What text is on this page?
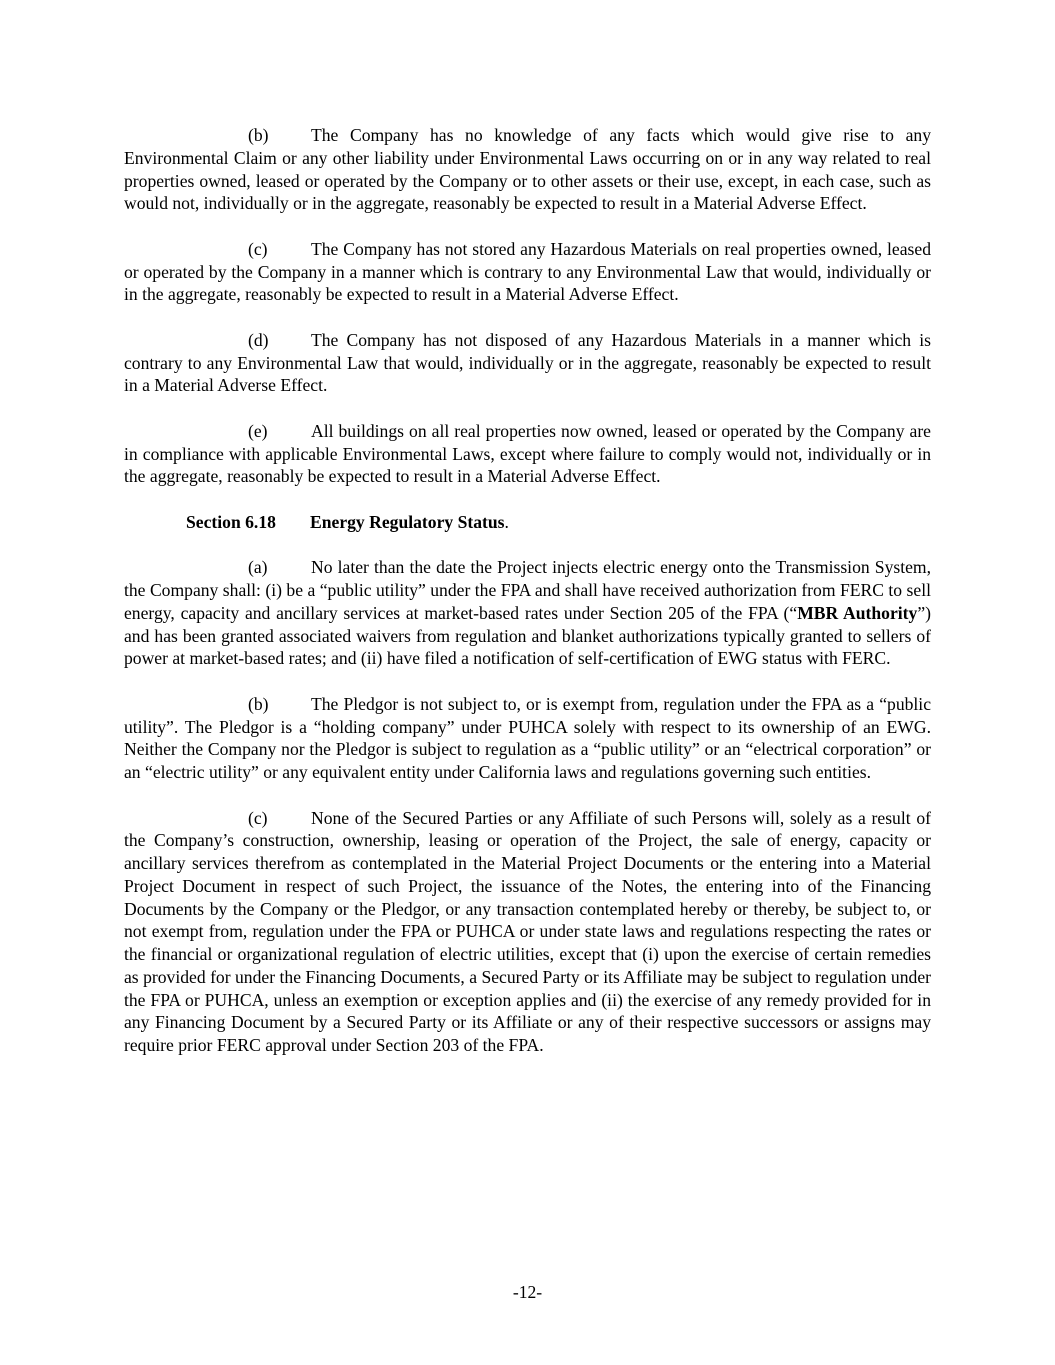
(b) The Company has no knowledge of any facts which would give rise to any Environmental Claim or any other liability under Environmental Laws occurring on or in any way related to real properties owned, leased or operated by the Company or to other assets or their use, except, in each case, such as would not, individually or in the aggregate, reasonably be expected to result in a Material Adverse Effect.

(c) The Company has not stored any Hazardous Materials on real properties owned, leased or operated by the Company in a manner which is contrary to any Environmental Law that would, individually or in the aggregate, reasonably be expected to result in a Material Adverse Effect.

(d) The Company has not disposed of any Hazardous Materials in a manner which is contrary to any Environmental Law that would, individually or in the aggregate, reasonably be expected to result in a Material Adverse Effect.

(e) All buildings on all real properties now owned, leased or operated by the Company are in compliance with applicable Environmental Laws, except where failure to comply would not, individually or in the aggregate, reasonably be expected to result in a Material Adverse Effect.

Section 6.18 Energy Regulatory Status.

(a) No later than the date the Project injects electric energy onto the Transmission System, the Company shall: (i) be a “public utility” under the FPA and shall have received authorization from FERC to sell energy, capacity and ancillary services at market-based rates under Section 205 of the FPA (“MBR Authority”) and has been granted associated waivers from regulation and blanket authorizations typically granted to sellers of power at market-based rates; and (ii) have filed a notification of self-certification of EWG status with FERC.

(b) The Pledgor is not subject to, or is exempt from, regulation under the FPA as a “public utility”. The Pledgor is a “holding company” under PUHCA solely with respect to its ownership of an EWG. Neither the Company nor the Pledgor is subject to regulation as a “public utility” or an “electrical corporation” or an “electric utility” or any equivalent entity under California laws and regulations governing such entities.

(c) None of the Secured Parties or any Affiliate of such Persons will, solely as a result of the Company’s construction, ownership, leasing or operation of the Project, the sale of energy, capacity or ancillary services therefrom as contemplated in the Material Project Documents or the entering into a Material Project Document in respect of such Project, the issuance of the Notes, the entering into of the Financing Documents by the Company or the Pledgor, or any transaction contemplated hereby or thereby, be subject to, or not exempt from, regulation under the FPA or PUHCA or under state laws and regulations respecting the rates or the financial or organizational regulation of electric utilities, except that (i) upon the exercise of certain remedies as provided for under the Financing Documents, a Secured Party or its Affiliate may be subject to regulation under the FPA or PUHCA, unless an exemption or exception applies and (ii) the exercise of any remedy provided for in any Financing Document by a Secured Party or its Affiliate or any of their respective successors or assigns may require prior FERC approval under Section 203 of the FPA.

-12-
